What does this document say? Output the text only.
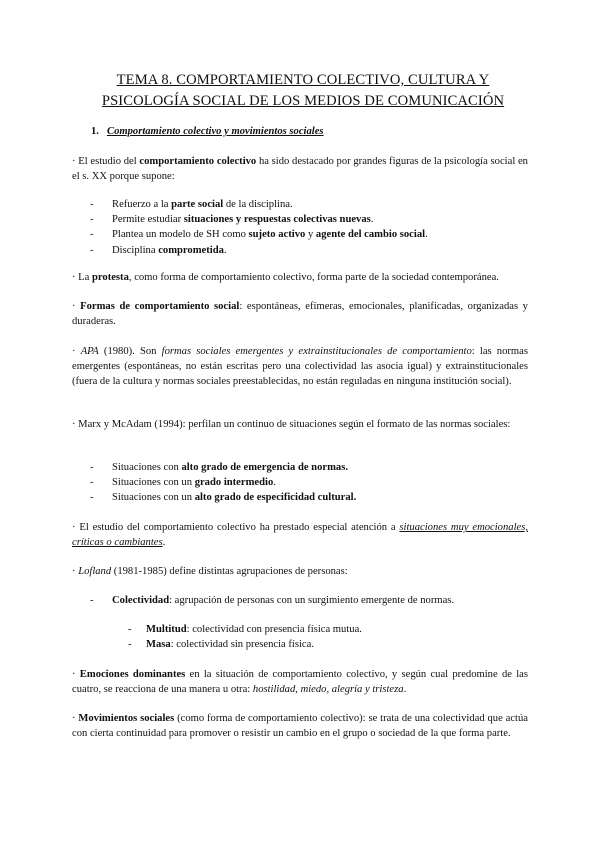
TEMA 8. COMPORTAMIENTO COLECTIVO, CULTURA Y
PSICOLOGÍA SOCIAL DE LOS MEDIOS DE COMUNICACIÓN
1. Comportamiento colectivo y movimientos sociales
· El estudio del comportamiento colectivo ha sido destacado por grandes figuras de la psicología social en el s. XX porque supone:
- Refuerzo a la parte social de la disciplina.
- Permite estudiar situaciones y respuestas colectivas nuevas.
- Plantea un modelo de SH como sujeto activo y agente del cambio social.
- Disciplina comprometida.
· La protesta, como forma de comportamiento colectivo, forma parte de la sociedad contemporánea.
· Formas de comportamiento social: espontáneas, efímeras, emocionales, planificadas, organizadas y duraderas.
· APA (1980). Son formas sociales emergentes y extrainstitucionales de comportamiento: las normas emergentes (espontáneas, no están escritas pero una colectividad las asocia igual) y extrainstitucionales (fuera de la cultura y normas sociales preestablecidas, no están reguladas en ninguna institución social).
· Marx y McAdam (1994): perfilan un continuo de situaciones según el formato de las normas sociales:
- Situaciones con alto grado de emergencia de normas.
- Situaciones con un grado intermedio.
- Situaciones con un alto grado de especificidad cultural.
· El estudio del comportamiento colectivo ha prestado especial atención a situaciones muy emocionales, críticas o cambiantes.
· Lofland (1981-1985) define distintas agrupaciones de personas:
- Colectividad: agrupación de personas con un surgimiento emergente de normas.
- Multitud: colectividad con presencia física mutua.
- Masa: colectividad sin presencia física.
· Emociones dominantes en la situación de comportamiento colectivo, y según cual predomine de las cuatro, se reacciona de una manera u otra: hostilidad, miedo, alegría y tristeza.
· Movimientos sociales (como forma de comportamiento colectivo): se trata de una colectividad que actúa con cierta continuidad para promover o resistir un cambio en el grupo o sociedad de la que forma parte.
